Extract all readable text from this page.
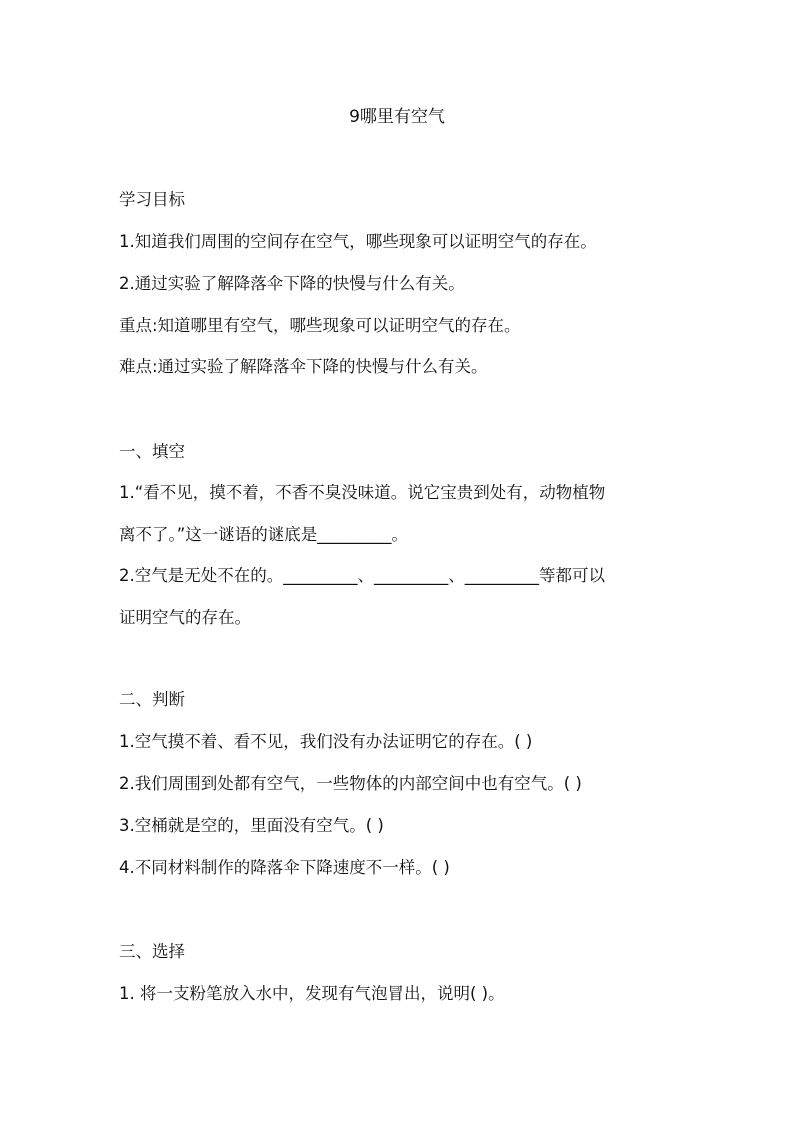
9哪里有空气
学习目标
1.知道我们周围的空间存在空气，哪些现象可以证明空气的存在。
2.通过实验了解降落伞下降的快慢与什么有关。
重点:知道哪里有空气，哪些现象可以证明空气的存在。
难点:通过实验了解降落伞下降的快慢与什么有关。
一、填空
1.“看不见，摸不着，不香不臭没味道。说它宝贵到处有，动物植物
离不了。”这一谜语的谜底是_________。
2.空气是无处不在的。_________、_________、_________等都可以
证明空气的存在。
二、判断
1.空气摸不着、看不见，我们没有办法证明它的存在。( )
2.我们周围到处都有空气，一些物体的内部空间中也有空气。( )
3.空桶就是空的，里面没有空气。( )
4.不同材料制作的降落伞下降速度不一样。( )
三、选择
1. 将一支粉笔放入水中，发现有气泡冒出，说明( )。
